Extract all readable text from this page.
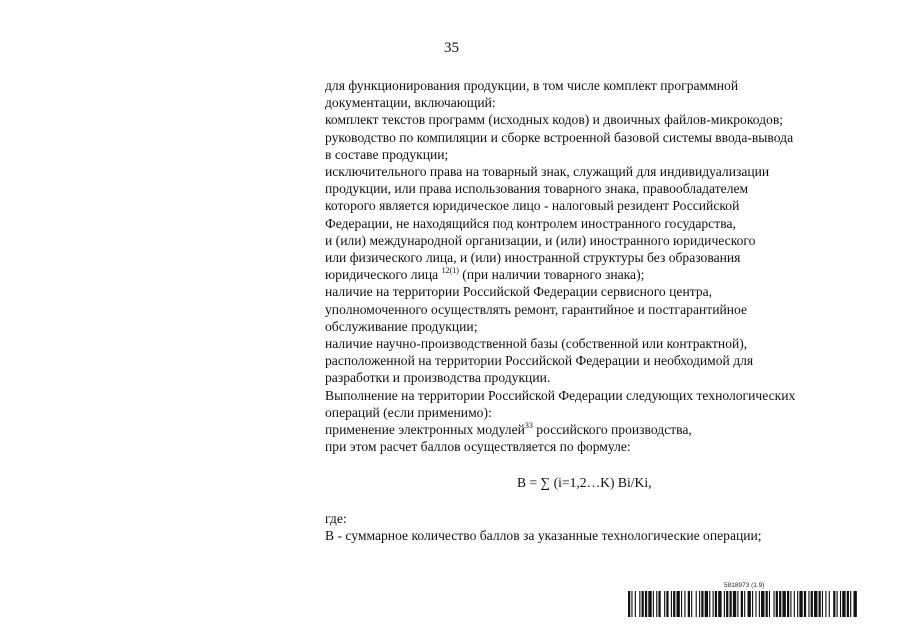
35
для функционирования продукции, в том числе комплект программной
документации, включающий:
комплект текстов программ (исходных кодов) и двоичных файлов-микрокодов;
руководство по компиляции и сборке встроенной базовой системы ввода-вывода
в составе продукции;
исключительного права на товарный знак, служащий для индивидуализации
продукции, или права использования товарного знака, правообладателем
которого является юридическое лицо - налоговый резидент Российской
Федерации, не находящийся под контролем иностранного государства,
и (или) международной организации, и (или) иностранного юридического
или физического лица, и (или) иностранной структуры без образования
юридического лица $^{12(1)}$ (при наличии товарного знака);
наличие на территории Российской Федерации сервисного центра,
уполномоченного осуществлять ремонт, гарантийное и постгарантийное
обслуживание продукции;
наличие научно-производственной базы (собственной или контрактной),
расположенной на территории Российской Федерации и необходимой для
разработки и производства продукции.
Выполнение на территории Российской Федерации следующих технологических
операций (если применимо):
применение электронных модулей$^{33}$ российского производства,
при этом расчет баллов осуществляется по формуле:
B = ∑ (i=1,2…K) Bi/Ki,
где:
B - суммарное количество баллов за указанные технологические операции;
5818973 (1.9)
